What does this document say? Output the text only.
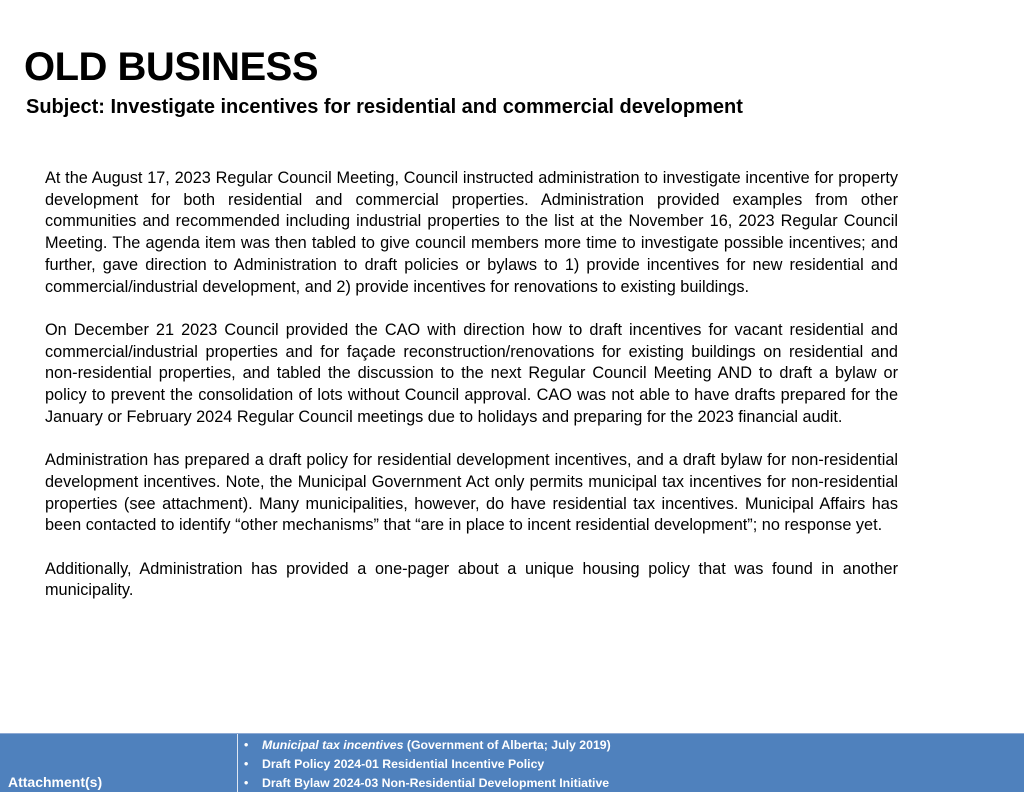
OLD BUSINESS
Subject: Investigate incentives for residential and commercial development

At the August 17, 2023 Regular Council Meeting, Council instructed administration to investigate incentive for property development for both residential and commercial properties. Administration provided examples from other communities and recommended including industrial properties to the list at the November 16, 2023 Regular Council Meeting. The agenda item was then tabled to give council members more time to investigate possible incentives; and further, gave direction to Administration to draft policies or bylaws to 1) provide incentives for new residential and commercial/industrial development, and 2) provide incentives for renovations to existing buildings.

On December 21 2023 Council provided the CAO with direction how to draft incentives for vacant residential and commercial/industrial properties and for façade reconstruction/renovations for existing buildings on residential and non-residential properties, and tabled the discussion to the next Regular Council Meeting AND to draft a bylaw or policy to prevent the consolidation of lots without Council approval. CAO was not able to have drafts prepared for the January or February 2024 Regular Council meetings due to holidays and preparing for the 2023 financial audit.

Administration has prepared a draft policy for residential development incentives, and a draft bylaw for non-residential development incentives. Note, the Municipal Government Act only permits municipal tax incentives for non-residential properties (see attachment). Many municipalities, however, do have residential tax incentives. Municipal Affairs has been contacted to identify “other mechanisms” that “are in place to incent residential development”; no response yet.

Additionally, Administration has provided a one-pager about a unique housing policy that was found in another municipality.

Attachment(s)
• Municipal tax incentives (Government of Alberta; July 2019)
• Draft Policy 2024-01 Residential Incentive Policy
• Draft Bylaw 2024-03 Non-Residential Development Initiative
